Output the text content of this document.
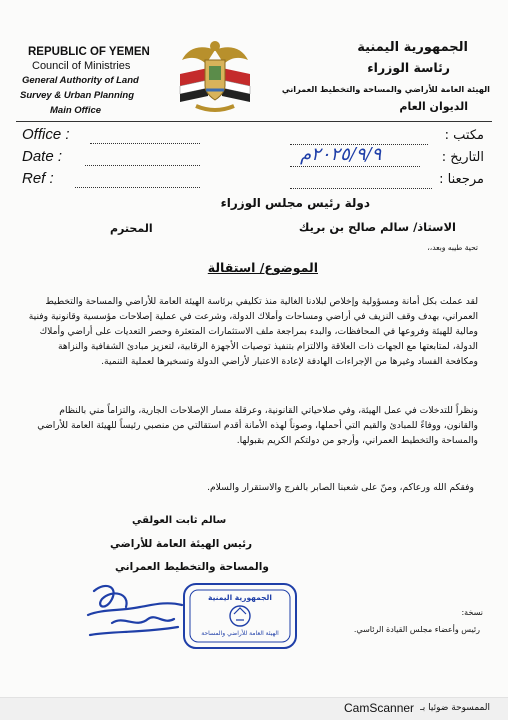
REPUBLIC OF YEMEN
Council of Ministries
General Authority of Land
Survey & Urban Planning
Main Office
الجمهورية اليمنية
رئاسة الوزراء
الهيئة العامة للأراضي والمساحة والتخطيط العمراني
الديوان العام
Office :
Date :
Ref :
مكتب :
التاريخ :
٢٠٢٥/٩/٩م
مرجعنا :
دولة رئيس مجلس الوزراء
الاستاذ/ سالم صالح بن بريك
المحترم
تحية طيبه وبعد،،
الموضوع/ استقالة
لقد عملت بكل أمانة ومسؤولية وإخلاص لبلادنا الغالية منذ تكليفي برئاسة الهيئة العامة للأراضي والمساحة والتخطيط العمراني، بهدف وقف النزيف في أراضي ومساحات وأملاك الدولة، وشرعت في عملية إصلاحات مؤسسية وقانونية وفنية ومالية للهيئة وفروعها في المحافظات، والبدء بمراجعة ملف الاستثمارات المتعثرة وحصر التعديات على أراضي وأملاك الدولة، لمتابعتها مع الجهات ذات العلاقة والالتزام بتنفيذ توصيات الأجهزة الرقابية، لتعزيز مبادئ الشفافية والنزاهة ومكافحة الفساد وغيرها من الإجراءات الهادفة لإعادة الاعتبار لأراضي الدولة وتسخيرها لعملية التنمية.
ونظراً للتدخلات في عمل الهيئة، وفي صلاحياتي القانونية، وعرقلة مسار الإصلاحات الجارية، والتزاماً مني بالنظام والقانون، ووفاءً للمبادئ والقيم التي أحملها، وصوناً لهذه الأمانة أقدم استقالتي من منصبي رئيساً للهيئة العامة للأراضي والمساحة والتخطيط العمراني، وأرجو من دولتكم الكريم بقبولها.
وفقكم الله ورعاكم، ومنّ على شعبنا الصابر بالفرج والاستقرار والسلام.
سالم ثابت العولقي
رئيس الهيئة العامة للأراضي
والمساحة والتخطيط العمراني
الجمهورية اليمنية
الهيئة العامة للأراضي والمساحة
نسخة:
رئيس وأعضاء مجلس القيادة الرئاسي.
CamScanner الممسوحة ضوئيا بـ
